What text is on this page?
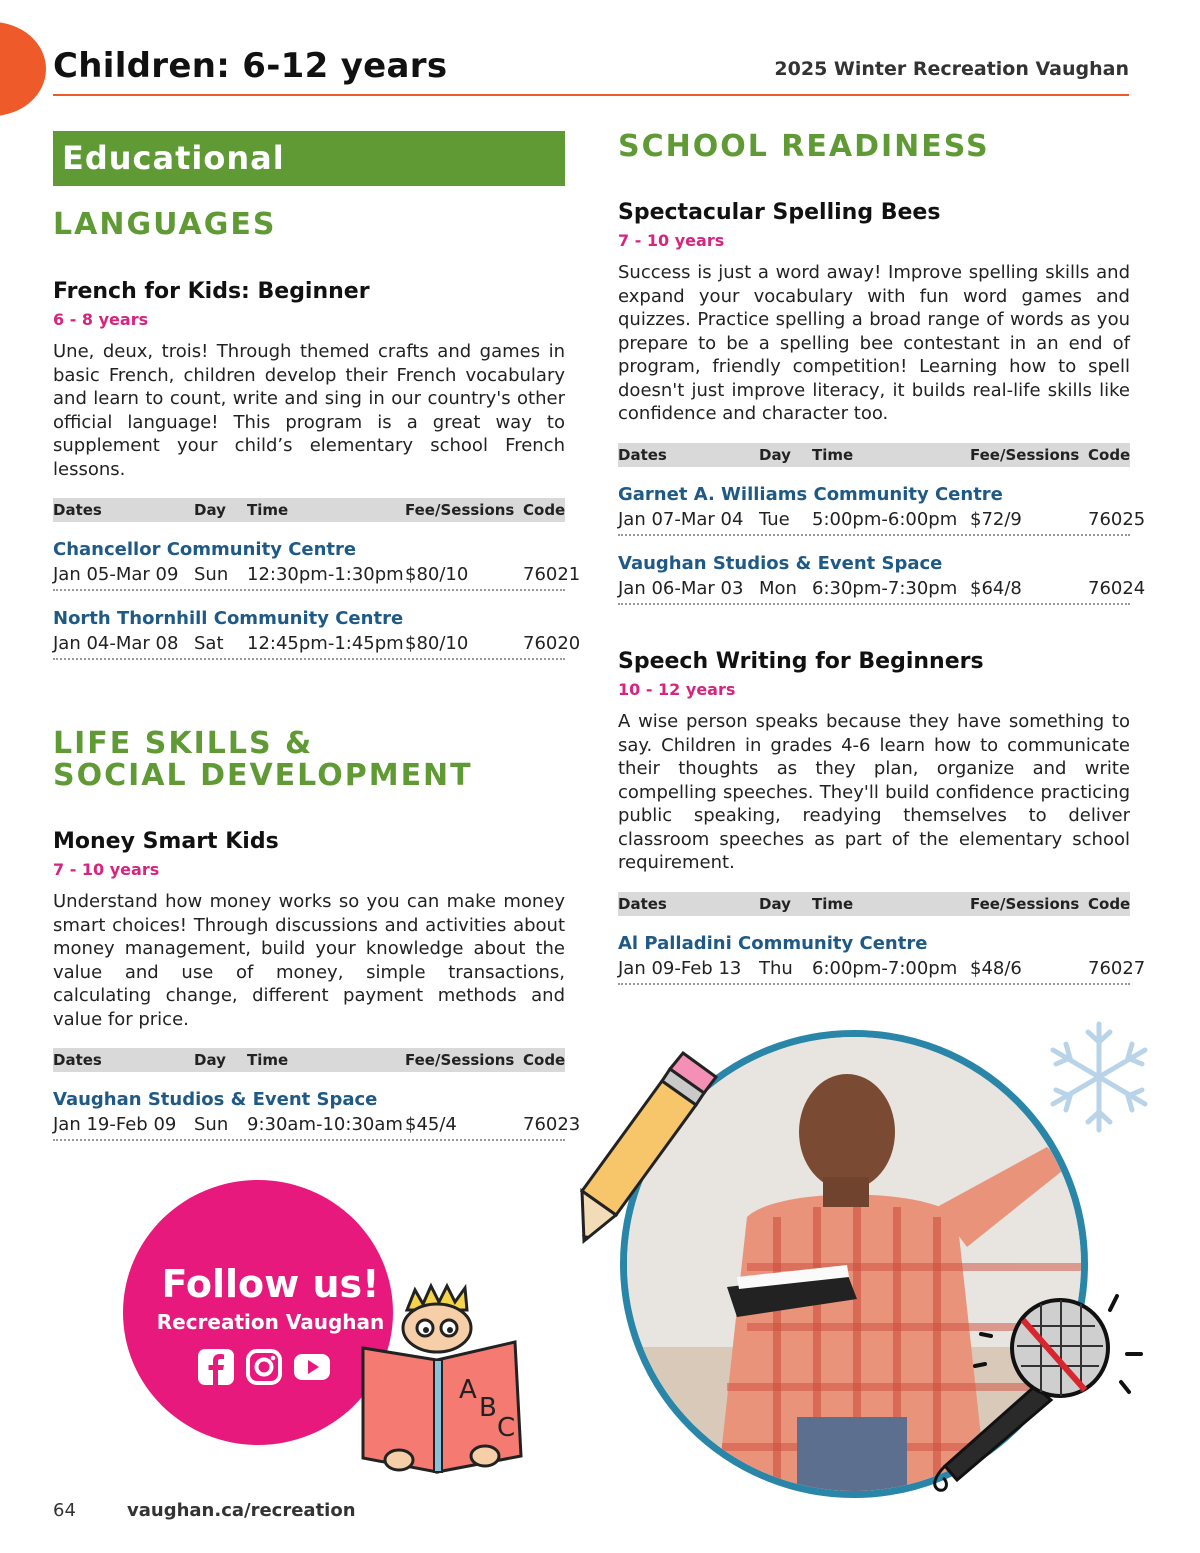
Children: 6-12 years	2025 Winter Recreation Vaughan
Educational
LANGUAGES
French for Kids: Beginner
6 - 8 years
Une, deux, trois! Through themed crafts and games in basic French, children develop their French vocabulary and learn to count, write and sing in our country's other official language! This program is a great way to supplement your child’s elementary school French lessons.
Dates	Day	Time	Fee/Sessions Code
Chancellor Community Centre
Jan 05-Mar 09 Sun	12:30pm-1:30pm $80/10	76021
North Thornhill Community Centre
Jan 04-Mar 08 Sat	12:45pm-1:45pm $80/10	76020
LIFE SKILLS &
SOCIAL DEVELOPMENT
Money Smart Kids
7 - 10 years
Understand how money works so you can make money smart choices! Through discussions and activities about money management, build your knowledge about the value and use of money, simple transactions, calculating change, different payment methods and value for price.
Dates	Day	Time	Fee/Sessions Code
Vaughan Studios & Event Space
Jan 19-Feb 09 Sun	9:30am-10:30am $45/4	76023
SCHOOL READINESS
Spectacular Spelling Bees
7 - 10 years
Success is just a word away! Improve spelling skills and expand your vocabulary with fun word games and quizzes. Practice spelling a broad range of words as you prepare to be a spelling bee contestant in an end of program, friendly competition! Learning how to spell doesn't just improve literacy, it builds real-life skills like confidence and character too.
Dates	Day	Time	Fee/Sessions Code
Garnet A. Williams Community Centre
Jan 07-Mar 04 Tue	5:00pm-6:00pm $72/9	76025
Vaughan Studios & Event Space
Jan 06-Mar 03 Mon 6:30pm-7:30pm $64/8	76024
Speech Writing for Beginners
10 - 12 years
A wise person speaks because they have something to say. Children in grades 4-6 learn how to communicate their thoughts as they plan, organize and write compelling speeches. They'll build confidence practicing public speaking, readying themselves to deliver classroom speeches as part of the elementary school requirement.
Dates	Day	Time	Fee/Sessions Code
Al Palladini Community Centre
Jan 09-Feb 13 Thu	6:00pm-7:00pm $48/6	76027
Follow us!
Recreation Vaughan
A
B
C
64	vaughan.ca/recreation
